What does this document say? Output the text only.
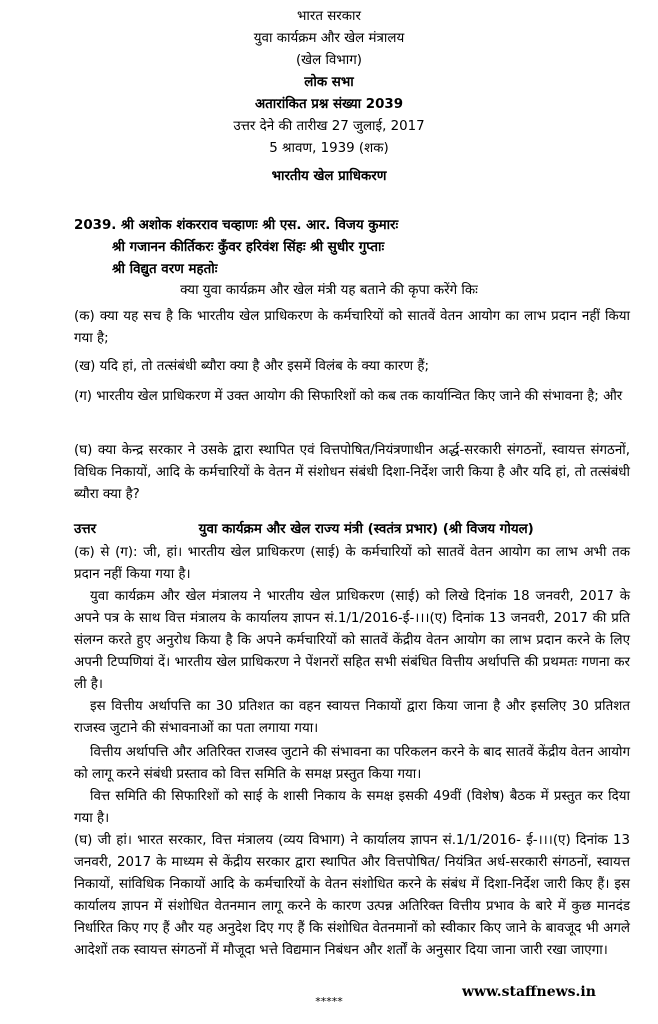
भारत सरकार
युवा कार्यक्रम और खेल मंत्रालय
(खेल विभाग)
लोक सभा
अतारांकित प्रश्न संख्या 2039
उत्तर देने की तारीख 27 जुलाई, 2017
5 श्रावण, 1939 (शक)
भारतीय खेल प्राधिकरण
2039. श्री अशोक शंकरराव चव्हाणः श्री एस. आर. विजय कुमारः
श्री गजानन कीर्तिकरः कुँवर हरिवंश सिंहः श्री सुधीर गुप्ताः
श्री विद्युत वरण महतोः
क्या युवा कार्यक्रम और खेल मंत्री यह बताने की कृपा करेंगे किः
(क) क्या यह सच है कि भारतीय खेल प्राधिकरण के कर्मचारियों को सातवें वेतन आयोग का लाभ प्रदान नहीं किया गया है;
(ख) यदि हां, तो तत्संबंधी ब्यौरा क्या है और इसमें विलंब के क्या कारण हैं;
(ग) भारतीय खेल प्राधिकरण में उक्त आयोग की सिफारिशों को कब तक कार्यान्वित किए जाने की संभावना है; और
(घ) क्या केन्द्र सरकार ने उसके द्वारा स्थापित एवं वित्तपोषित/नियंत्रणाधीन अर्द्ध-सरकारी संगठनों, स्वायत्त संगठनों, विधिक निकायों, आदि के कर्मचारियों के वेतन में संशोधन संबंधी दिशा-निर्देश जारी किया है और यदि हां, तो तत्संबंधी ब्यौरा क्या है?
उत्तर	युवा कार्यक्रम और खेल राज्य मंत्री (स्वतंत्र प्रभार) (श्री विजय गोयल)
(क) से (ग): जी, हां। भारतीय खेल प्राधिकरण (साई) के कर्मचारियों को सातवें वेतन आयोग का लाभ अभी तक प्रदान नहीं किया गया है।
युवा कार्यक्रम और खेल मंत्रालय ने भारतीय खेल प्राधिकरण (साई) को लिखे दिनांक 18 जनवरी, 2017 के अपने पत्र के साथ वित्त मंत्रालय के कार्यालय ज्ञापन सं.1/1/2016-ई-।।।(ए) दिनांक 13 जनवरी, 2017 की प्रति संलग्न करते हुए अनुरोध किया है कि अपने कर्मचारियों को सातवें केंद्रीय वेतन आयोग का लाभ प्रदान करने के लिए अपनी टिप्पणियां दें। भारतीय खेल प्राधिकरण ने पेंशनरों सहित सभी संबंधित वित्तीय अर्थापत्ति की प्रथमतः गणना कर ली है।
इस वित्तीय अर्थापत्ति का 30 प्रतिशत का वहन स्वायत्त निकायों द्वारा किया जाना है और इसलिए 30 प्रतिशत राजस्व जुटाने की संभावनाओं का पता लगाया गया।
वित्तीय अर्थापत्ति और अतिरिक्त राजस्व जुटाने की संभावना का परिकलन करने के बाद सातवें केंद्रीय वेतन आयोग को लागू करने संबंधी प्रस्ताव को वित्त समिति के समक्ष प्रस्तुत किया गया।
वित्त समिति की सिफारिशों को साई के शासी निकाय के समक्ष इसकी 49वीं (विशेष) बैठक में प्रस्तुत कर दिया गया है।
(घ) जी हां। भारत सरकार, वित्त मंत्रालय (व्यय विभाग) ने कार्यालय ज्ञापन सं.1/1/2016- ई-।।।(ए) दिनांक 13 जनवरी, 2017 के माध्यम से केंद्रीय सरकार द्वारा स्थापित और वित्तपोषित/ नियंत्रित अर्ध-सरकारी संगठनों, स्वायत्त निकायों, सांविधिक निकायों आदि के कर्मचारियों के वेतन संशोधित करने के संबंध में दिशा-निर्देश जारी किए हैं। इस कार्यालय ज्ञापन में संशोधित वेतनमान लागू करने के कारण उत्पन्न अतिरिक्त वित्तीय प्रभाव के बारे में कुछ मानदंड निर्धारित किए गए हैं और यह अनुदेश दिए गए हैं कि संशोधित वेतनमानों को स्वीकार किए जाने के बावजूद भी अगले आदेशों तक स्वायत्त संगठनों में मौजूदा भत्ते विद्यमान निबंधन और शर्तों के अनुसार दिया जाना जारी रखा जाएगा।
*****
www.staffnews.in
